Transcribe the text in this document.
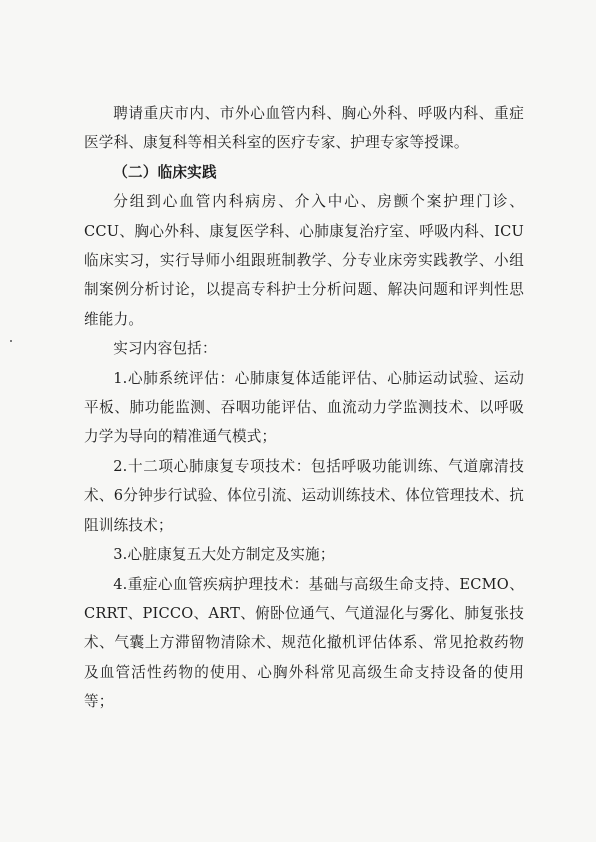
聘请重庆市内、市外心血管内科、胸心外科、呼吸内科、重症医学科、康复科等相关科室的医疗专家、护理专家等授课。

（二）临床实践

分组到心血管内科病房、介入中心、房颤个案护理门诊、CCU、胸心外科、康复医学科、心肺康复治疗室、呼吸内科、ICU临床实习，实行导师小组跟班制教学、分专业床旁实践教学、小组制案例分析讨论，以提高专科护士分析问题、解决问题和评判性思维能力。

实习内容包括：

1.心肺系统评估：心肺康复体适能评估、心肺运动试验、运动平板、肺功能监测、吞咽功能评估、血流动力学监测技术、以呼吸力学为导向的精准通气模式；

2.十二项心肺康复专项技术：包括呼吸功能训练、气道廓清技术、6分钟步行试验、体位引流、运动训练技术、体位管理技术、抗阻训练技术；

3.心脏康复五大处方制定及实施；

4.重症心血管疾病护理技术：基础与高级生命支持、ECMO、CRRT、PICCO、ART、俯卧位通气、气道湿化与雾化、肺复张技术、气囊上方滞留物清除术、规范化撤机评估体系、常见抢救药物及血管活性药物的使用、心胸外科常见高级生命支持设备的使用等；
